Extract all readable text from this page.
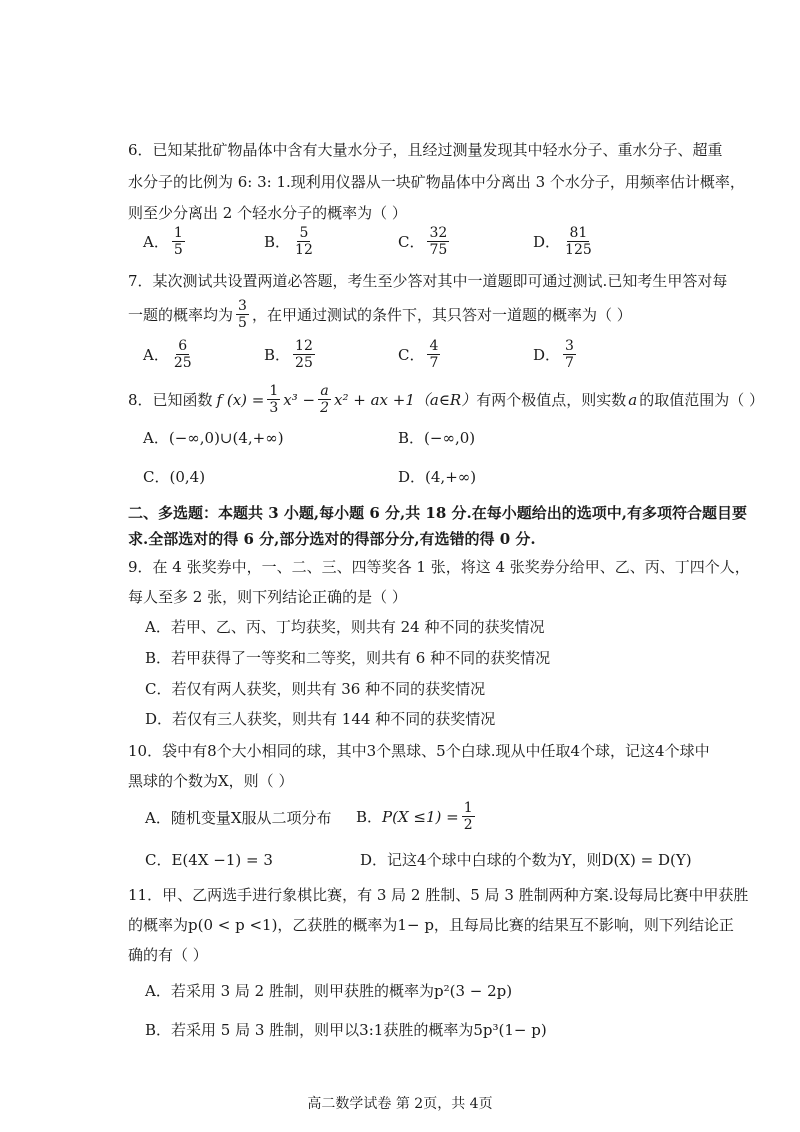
6．已知某批矿物晶体中含有大量水分子，且经过测量发现其中轻水分子、重水分子、超重
水分子的比例为 6: 3: 1.现利用仪器从一块矿物晶体中分离出 3 个水分子，用频率估计概率，
则至少分离出 2 个轻水分子的概率为（ ）
A． $\frac{1}{5}$	B． $\frac{5}{12}$	C． $\frac{32}{75}$	D． $\frac{81}{125}$
7．某次测试共设置两道必答题，考生至少答对其中一道题即可通过测试.已知考生甲答对每
一题的概率均为 $\frac{3}{5}$ ，在甲通过测试的条件下，其只答对一道题的概率为（ ）
A． $\frac{6}{25}$	B． $\frac{12}{25}$	C． $\frac{4}{7}$	D． $\frac{3}{7}$
8．已知函数 f $(x) = \frac{1}{3} x^3 - \frac{a}{2} x^2$ + ax +1（a∈R） 有两个极值点，则实数 a 的取值范围为（ ）
A． (−∞,0)∪(4,+∞)	B． (−∞,0)
C． (0,4)	D． (4,+∞)
二、多选题：本题共 3 小题,每小题 6 分,共 18 分.在每小题给出的选项中,有多项符合题目要
求.全部选对的得 6 分,部分选对的得部分分,有选错的得 0 分.
9．在 4 张奖券中，一、二、三、四等奖各 1 张，将这 4 张奖券分给甲、乙、丙、丁四个人，
每人至多 2 张，则下列结论正确的是（ ）
A．若甲、乙、丙、丁均获奖，则共有 24 种不同的获奖情况
B．若甲获得了一等奖和二等奖，则共有 6 种不同的获奖情况
C．若仅有两人获奖，则共有 36 种不同的获奖情况
D．若仅有三人获奖，则共有 144 种不同的获奖情况
10．袋中有8个大小相同的球，其中3个黑球、5个白球.现从中任取4个球，记这4个球中
黑球的个数为X，则（ ）
A．随机变量X服从二项分布 B． $P(X \le 1) = \frac{1}{2}$
C．E(4X −1) = 3	D．记这4个球中白球的个数为Y，则D(X) = D(Y)
11．甲、乙两选手进行象棋比赛，有 3 局 2 胜制、5 局 3 胜制两种方案.设每局比赛中甲获胜
的概率为p(0 < p <1)，乙获胜的概率为1− p，且每局比赛的结果互不影响，则下列结论正
确的有（ ）
A．若采用 3 局 2 胜制，则甲获胜的概率为p²(3 − 2p)
B．若采用 5 局 3 胜制，则甲以3:1获胜的概率为5p³(1− p)
高二数学试卷 第 2页，共 4页
